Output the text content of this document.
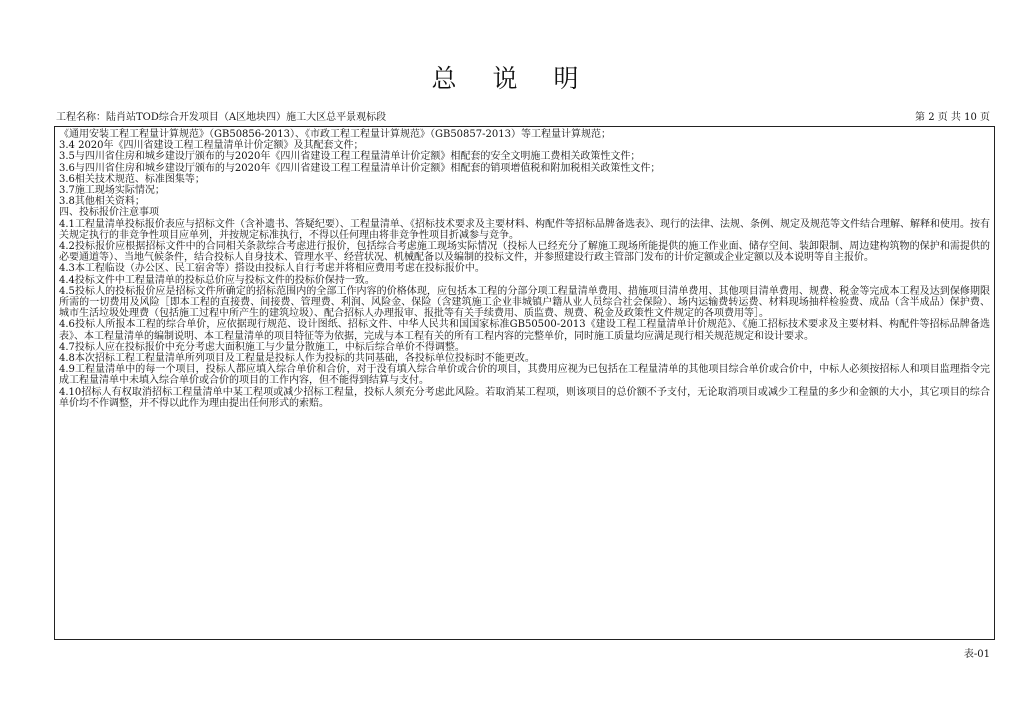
总 说 明
工程名称：陆肖站TOD综合开发项目（A区地块四）施工大区总平景观标段	第 2 页 共 10 页

《通用安装工程工程量计算规范》（GB50856-2013）、《市政工程工程量计算规范》（GB50857-2013）等工程量计算规范；

3.4 2020年《四川省建设工程工程量清单计价定额》及其配套文件；

3.5与四川省住房和城乡建设厅颁布的与2020年《四川省建设工程工程量清单计价定额》相配套的安全文明施工费相关政策性文件；

3.6与四川省住房和城乡建设厅颁布的与2020年《四川省建设工程工程量清单计价定额》相配套的销项增值税和附加税相关政策性文件；

3.6相关技术规范、标准图集等；

3.7施工现场实际情况；

3.8其他相关资料；

四、投标报价注意事项

4.1工程量清单投标报价表应与招标文件（含补遗书、答疑纪要）、工程量清单、《招标技术要求及主要材料、构配件等招标品牌备选表》、现行的法律、法规、条例、规定及规范等文件结合理解、解释和使用。按有关规定执行的非竞争性项目应单列，并按规定标准执行，不得以任何理由将非竞争性项目折减参与竞争。

4.2投标报价应根据招标文件中的合同相关条款综合考虑进行报价，包括综合考虑施工现场实际情况（投标人已经充分了解施工现场所能提供的施工作业面、储存空间、装卸限制、周边建构筑物的保护和需提供的必要通道等）、当地气候条件，结合投标人自身技术、管理水平、经营状况、机械配备以及编制的投标文件，并参照建设行政主管部门发布的计价定额或企业定额以及本说明等自主报价。

4.3本工程临设（办公区、民工宿舍等）搭设由投标人自行考虑并将相应费用考虑在投标报价中。

4.4投标文件中工程量清单的投标总价应与投标文件的投标价保持一致。

4.5投标人的投标报价应是招标文件所确定的招标范围内的全部工作内容的价格体现，应包括本工程的分部分项工程量清单费用、措施项目清单费用、其他项目清单费用、规费、税金等完成本工程及达到保修期限所需的一切费用及风险［即本工程的直接费、间接费、管理费、利润、风险金、保险（含建筑施工企业非城镇户籍从业人员综合社会保险）、场内运输费转运费、材料现场抽样检验费、成品（含半成品）保护费、城市生活垃圾处理费（包括施工过程中所产生的建筑垃圾）、配合招标人办理报审、报批等有关手续费用、质监费、规费、税金及政策性文件规定的各项费用等］。

4.6投标人所报本工程的综合单价，应依据现行规范、设计图纸、招标文件、中华人民共和国国家标准GB50500-2013《建设工程工程量清单计价规范》、《施工招标技术要求及主要材料、构配件等招标品牌备选表》、本工程量清单的编制说明、本工程量清单的项目特征等为依据，完成与本工程有关的所有工程内容的完整单价，同时施工质量均应满足现行相关规范规定和设计要求。

4.7投标人应在投标报价中充分考虑大面积施工与少量分散施工，中标后综合单价不得调整。

4.8本次招标工程工程量清单所列项目及工程量是投标人作为投标的共同基础，各投标单位投标时不能更改。

4.9工程量清单中的每一个项目，投标人都应填入综合单价和合价，对于没有填入综合单价或合价的项目，其费用应视为已包括在工程量清单的其他项目综合单价或合价中，中标人必须按招标人和项目监理指令完成工程量清单中未填入综合单价或合价的项目的工作内容，但不能得到结算与支付。

4.10招标人有权取消招标工程量清单中某工程项或减少招标工程量，投标人须充分考虑此风险。若取消某工程项，则该项目的总价额不予支付，无论取消项目或减少工程量的多少和金额的大小，其它项目的综合单价均不作调整，并不得以此作为理由提出任何形式的索赔。

表-01
